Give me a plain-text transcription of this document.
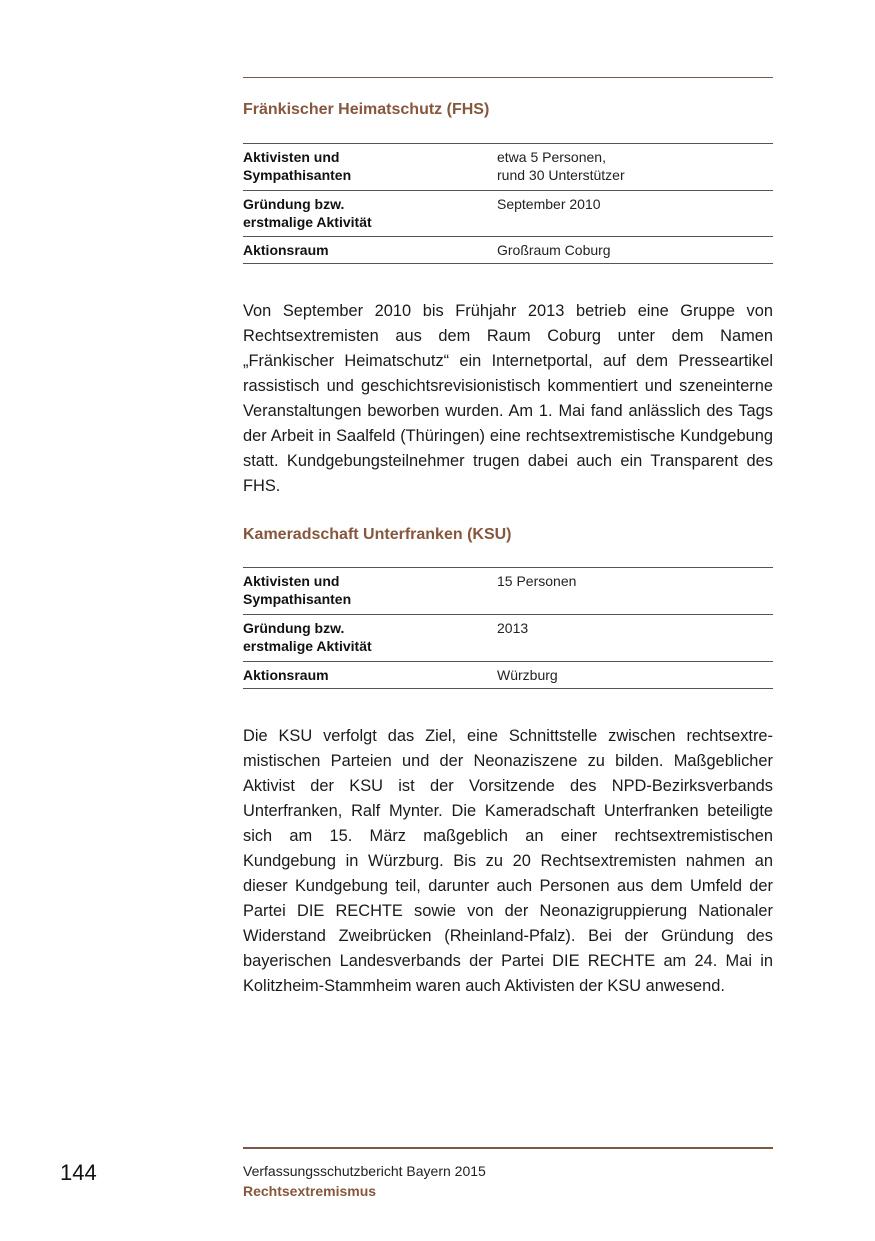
Fränkischer Heimatschutz (FHS)
Aktivisten und
Sympathisanten	etwa 5 Personen,
rund 30 Unterstützer
Gründung bzw.
erstmalige Aktivität	September 2010
Aktionsraum	Großraum Coburg
Von September 2010 bis Frühjahr 2013 betrieb eine Gruppe von Rechtsextremisten aus dem Raum Coburg unter dem Namen „Fränkischer Heimatschutz“ ein Internetportal, auf dem Presseartikel rassistisch und geschichtsrevisionistisch kommentiert und szeneinterne Veranstaltungen beworben wurden. Am 1. Mai fand anlässlich des Tags der Arbeit in Saalfeld (Thüringen) eine rechtsextremistische Kundgebung statt. Kundgebungsteilnehmer trugen dabei auch ein Transparent des FHS.
Kameradschaft Unterfranken (KSU)
Aktivisten und
Sympathisanten	15 Personen
Gründung bzw.
erstmalige Aktivität	2013
Aktionsraum	Würzburg
Die KSU verfolgt das Ziel, eine Schnittstelle zwischen rechtsextremistischen Parteien und der Neonaziszene zu bilden. Maßgeblicher Aktivist der KSU ist der Vorsitzende des NPD-Bezirksverbands Unterfranken, Ralf Mynter. Die Kameradschaft Unterfranken beteiligte sich am 15. März maßgeblich an einer rechtsextremistischen Kundgebung in Würzburg. Bis zu 20 Rechtsextremisten nahmen an dieser Kundgebung teil, darunter auch Personen aus dem Umfeld der Partei DIE RECHTE sowie von der Neonazigruppierung Nationaler Widerstand Zweibrücken (Rheinland-Pfalz). Bei der Gründung des bayerischen Landesverbands der Partei DIE RECHTE am 24. Mai in Kolitzheim-Stammheim waren auch Aktivisten der KSU anwesend.
144	Verfassungsschutzbericht Bayern 2015
Rechtsextremismus
